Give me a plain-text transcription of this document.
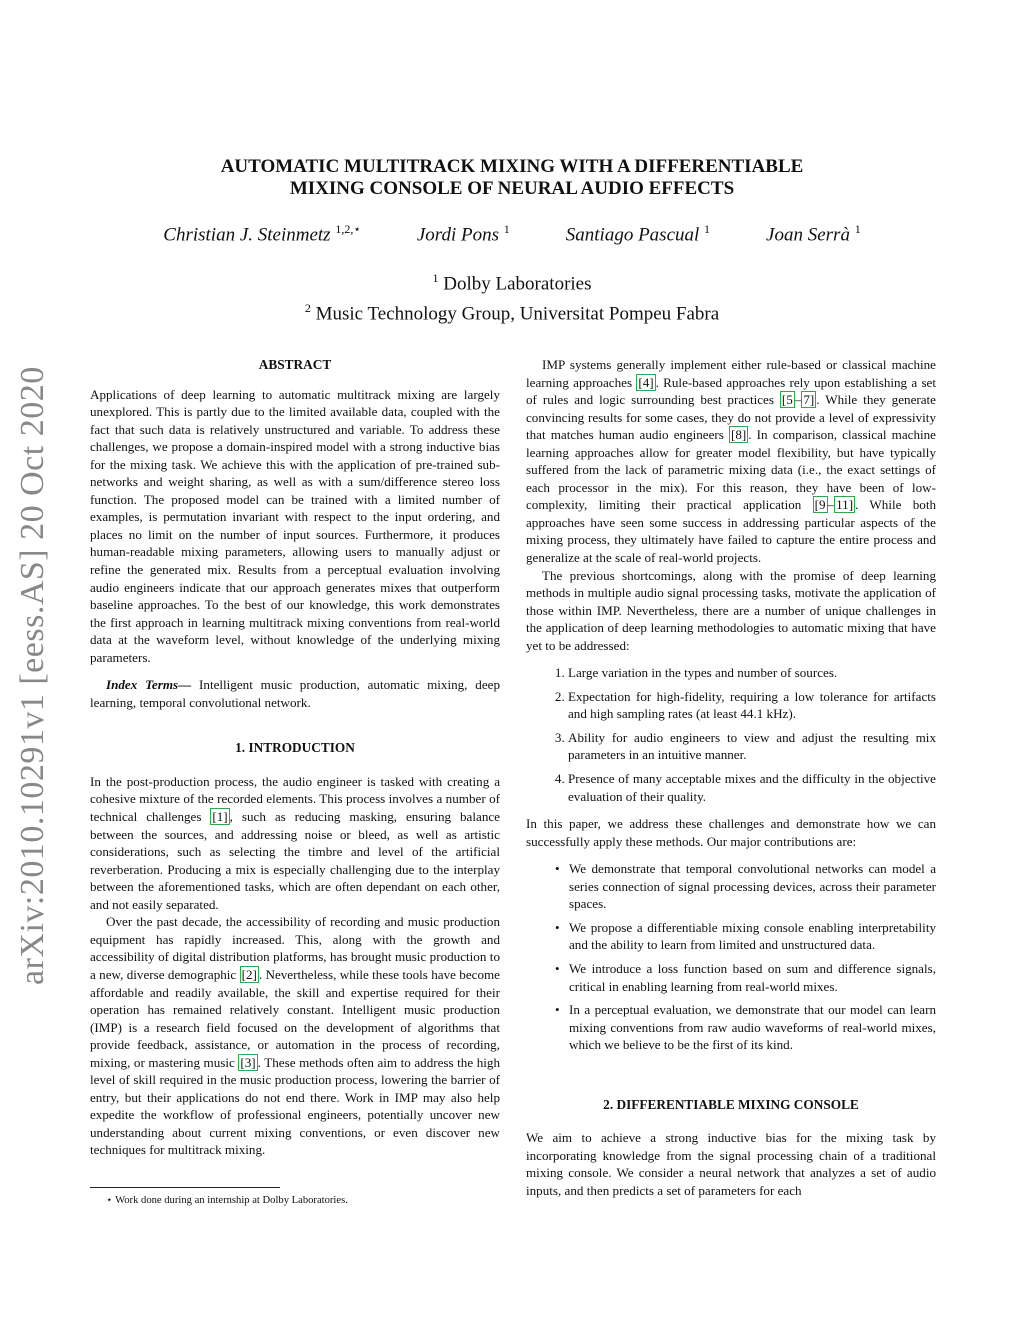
arXiv:2010.10291v1 [eess.AS] 20 Oct 2020
AUTOMATIC MULTITRACK MIXING WITH A DIFFERENTIABLE
MIXING CONSOLE OF NEURAL AUDIO EFFECTS
Christian J. Steinmetz $^{1,2,⋆}$	Jordi Pons $^1$	Santiago Pascual $^1$	Joan Serrà $^1$
$^1$ Dolby Laboratories
$^2$ Music Technology Group, Universitat Pompeu Fabra
ABSTRACT

Applications of deep learning to automatic multitrack mixing are largely unexplored. This is partly due to the limited available data, coupled with the fact that such data is relatively unstructured and variable. To address these challenges, we propose a domain-inspired model with a strong inductive bias for the mixing task. We achieve this with the application of pre-trained sub-networks and weight sharing, as well as with a sum/difference stereo loss function. The proposed model can be trained with a limited number of examples, is permutation invariant with respect to the input ordering, and places no limit on the number of input sources. Furthermore, it produces human-readable mixing parameters, allowing users to manually adjust or refine the generated mix. Results from a perceptual evaluation involving audio engineers indicate that our approach generates mixes that outperform baseline approaches. To the best of our knowledge, this work demonstrates the first approach in learning multitrack mixing conventions from real-world data at the waveform level, without knowledge of the underlying mixing parameters.

Index Terms— Intelligent music production, automatic mixing, deep learning, temporal convolutional network.

1. INTRODUCTION

In the post-production process, the audio engineer is tasked with creating a cohesive mixture of the recorded elements. This process involves a number of technical challenges [1] , such as reducing masking, ensuring balance between the sources, and addressing noise or bleed, as well as artistic considerations, such as selecting the timbre and level of the artificial reverberation. Producing a mix is especially challenging due to the interplay between the aforementioned tasks, which are often dependant on each other, and not easily separated.

Over the past decade, the accessibility of recording and music production equipment has rapidly increased. This, along with the growth and accessibility of digital distribution platforms, has brought music production to a new, diverse demographic [2] . Nevertheless, while these tools have become affordable and readily available, the skill and expertise required for their operation has remained relatively constant. Intelligent music production (IMP) is a research field focused on the development of algorithms that provide feedback, assistance, or automation in the process of recording, mixing, or mastering music [3] . These methods often aim to address the high level of skill required in the music production process, lowering the barrier of entry, but their applications do not end there. Work in IMP may also help expedite the workflow of professional engineers, potentially uncover new understanding about current mixing conventions, or even discover new techniques for multitrack mixing.

IMP systems generally implement either rule-based or classical machine learning approaches [4] . Rule-based approaches rely upon establishing a set of rules and logic surrounding best practices [5 – 7] . While they generate convincing results for some cases, they do not provide a level of expressivity that matches human audio engineers [8] . In comparison, classical machine learning approaches allow for greater model flexibility, but have typically suffered from the lack of parametric mixing data (i.e., the exact settings of each processor in the mix). For this reason, they have been of low-complexity, limiting their practical application [9 – 11] . While both approaches have seen some success in addressing particular aspects of the mixing process, they ultimately have failed to capture the entire process and generalize at the scale of real-world projects.

The previous shortcomings, along with the promise of deep learning methods in multiple audio signal processing tasks, motivate the application of those within IMP. Nevertheless, there are a number of unique challenges in the application of deep learning methodologies to automatic mixing that have yet to be addressed:

1. Large variation in the types and number of sources.
2. Expectation for high-fidelity, requiring a low tolerance for artifacts and high sampling rates (at least 44.1 kHz).
3. Ability for audio engineers to view and adjust the resulting mix parameters in an intuitive manner.
4. Presence of many acceptable mixes and the difficulty in the objective evaluation of their quality.

In this paper, we address these challenges and demonstrate how we can successfully apply these methods. Our major contributions are:

• We demonstrate that temporal convolutional networks can model a series connection of signal processing devices, across their parameter spaces.
• We propose a differentiable mixing console enabling interpretability and the ability to learn from limited and unstructured data.
• We introduce a loss function based on sum and difference signals, critical in enabling learning from real-world mixes.
• In a perceptual evaluation, we demonstrate that our model can learn mixing conventions from raw audio waveforms of real-world mixes, which we believe to be the first of its kind.
2. DIFFERENTIABLE MIXING CONSOLE

We aim to achieve a strong inductive bias for the mixing task by incorporating knowledge from the signal processing chain of a traditional mixing console. We consider a neural network that analyzes a set of audio inputs, and then predicts a set of parameters for each

⋆ Work done during an internship at Dolby Laboratories.
